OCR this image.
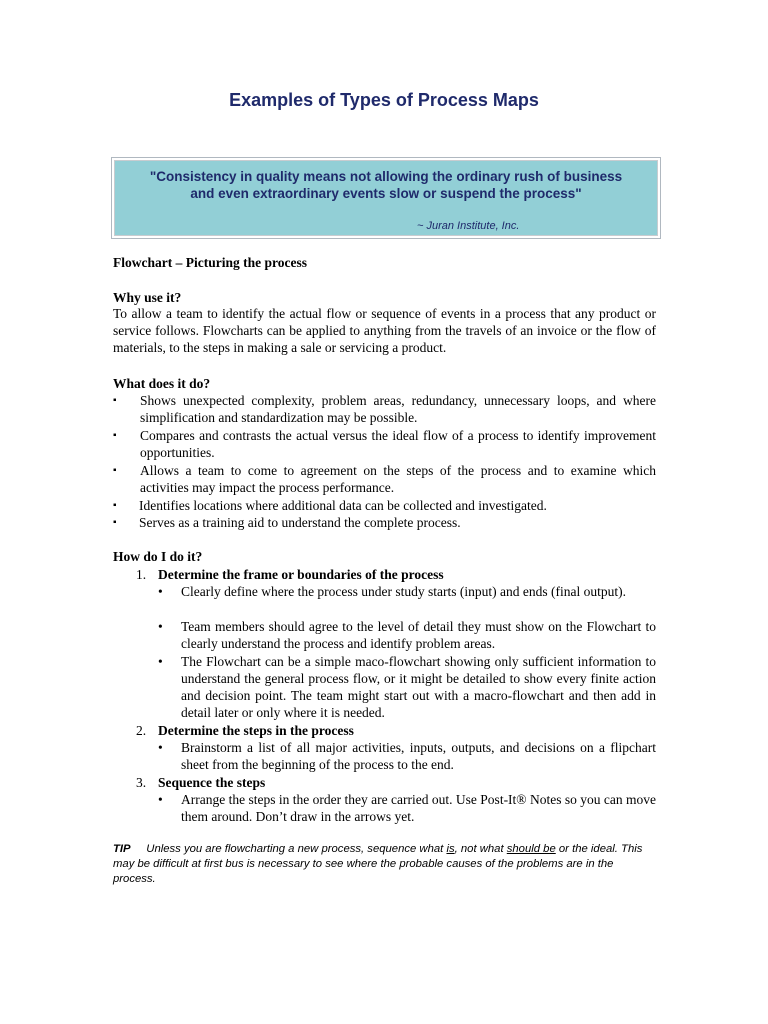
Examples of Types of Process Maps
"Consistency in quality means not allowing the ordinary rush of business
and even extraordinary events slow or suspend the process"
~ Juran Institute, Inc.
Flowchart – Picturing the process
Why use it?
To allow a team to identify the actual flow or sequence of events in a process that any product or service follows. Flowcharts can be applied to anything from the travels of an invoice or the flow of materials, to the steps in making a sale or servicing a product.
What does it do?
▪ Shows unexpected complexity, problem areas, redundancy, unnecessary loops, and where simplification and standardization may be possible.
▪ Compares and contrasts the actual versus the ideal flow of a process to identify improvement opportunities.
▪ Allows a team to come to agreement on the steps of the process and to examine which activities may impact the process performance.
▪ Identifies locations where additional data can be collected and investigated.
▪ Serves as a training aid to understand the complete process.
How do I do it?
1. Determine the frame or boundaries of the process
• Clearly define where the process under study starts (input) and ends (final output).
• Team members should agree to the level of detail they must show on the Flowchart to clearly understand the process and identify problem areas.
• The Flowchart can be a simple maco-flowchart showing only sufficient information to understand the general process flow, or it might be detailed to show every finite action and decision point. The team might start out with a macro-flowchart and then add in detail later or only where it is needed.
2. Determine the steps in the process
• Brainstorm a list of all major activities, inputs, outputs, and decisions on a flipchart sheet from the beginning of the process to the end.
3. Sequence the steps
• Arrange the steps in the order they are carried out. Use Post-It® Notes so you can move them around. Don’t draw in the arrows yet.
TIP Unless you are flowcharting a new process, sequence what is, not what should be or the ideal. This may be difficult at first bus is necessary to see where the probable causes of the problems are in the process.
